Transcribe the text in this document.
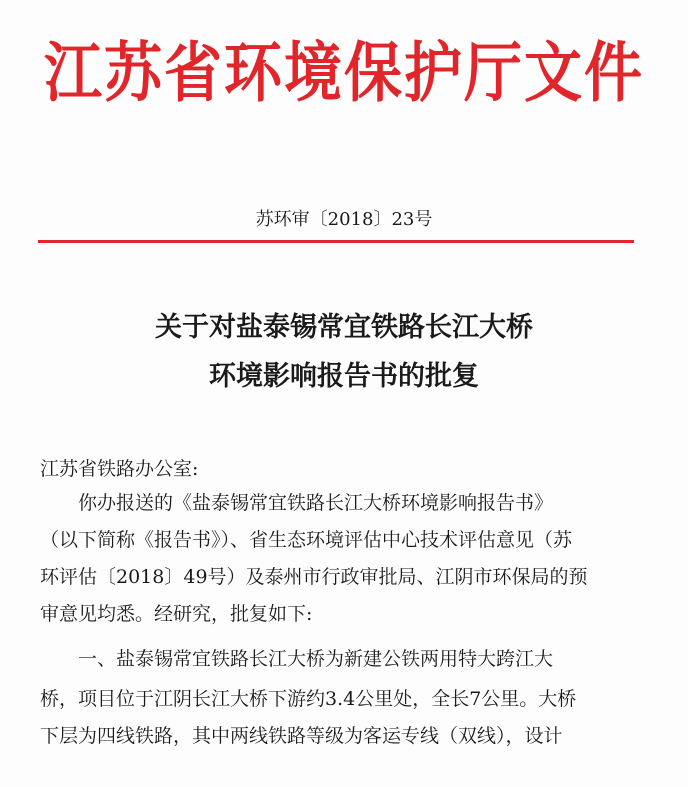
江苏省环境保护厅文件
苏环审〔2018〕23号
关于对盐泰锡常宜铁路长江大桥
环境影响报告书的批复
江苏省铁路办公室:
你办报送的《盐泰锡常宜铁路长江大桥环境影响报告书》
（以下简称《报告书》）、省生态环境评估中心技术评估意见（苏
环评估〔2018〕49号）及泰州市行政审批局、江阴市环保局的预
审意见均悉。经研究，批复如下:
一、盐泰锡常宜铁路长江大桥为新建公铁两用特大跨江大
桥，项目位于江阴长江大桥下游约3.4公里处，全长7公里。大桥
下层为四线铁路，其中两线铁路等级为客运专线（双线），设计
